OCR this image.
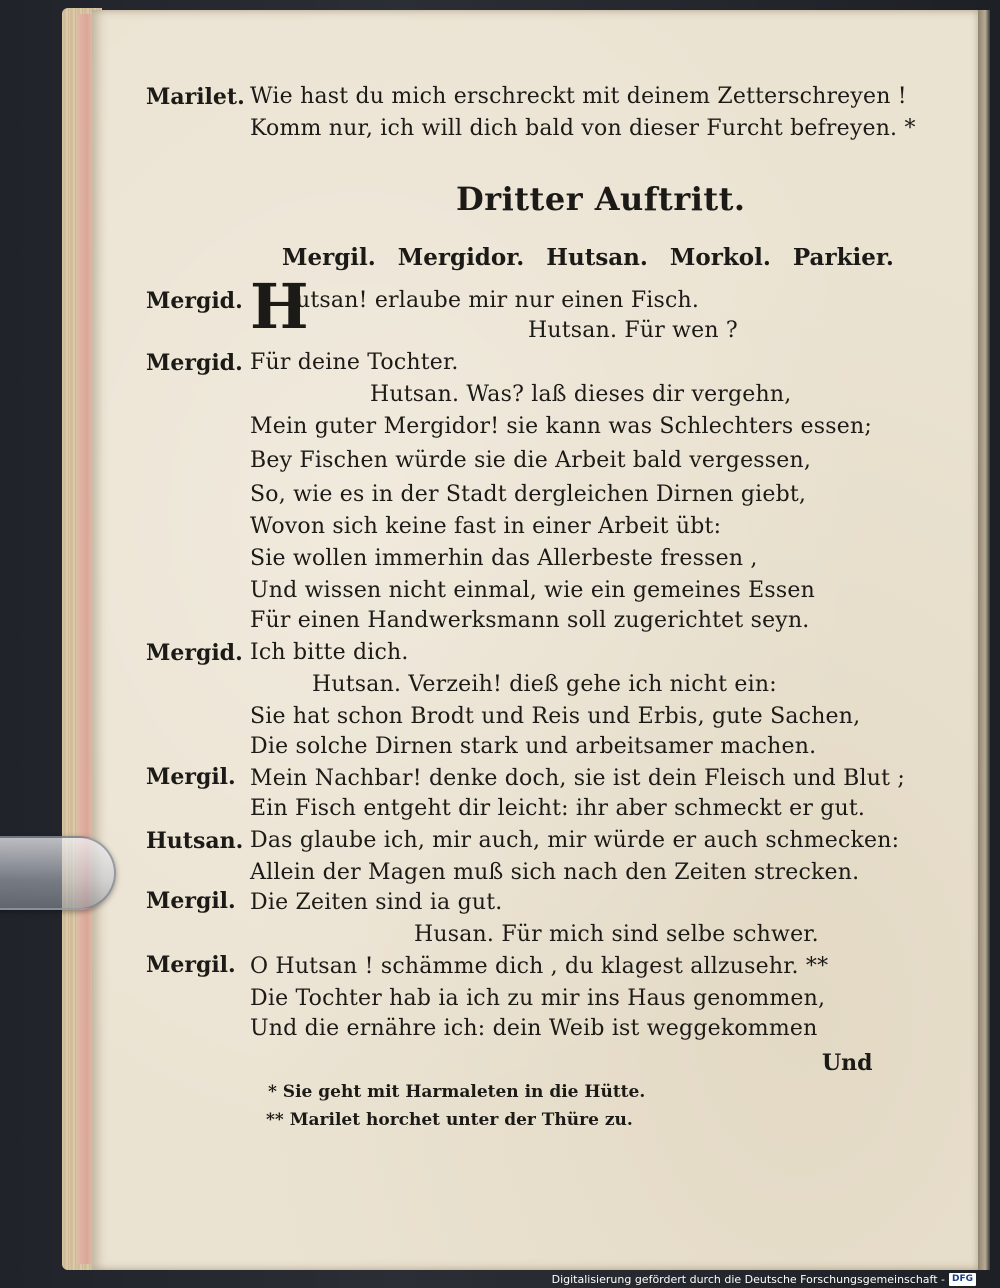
Marilet. Wie hast du mich erschreckt mit deinem Zetterschreyen !
Komm nur, ich will dich bald von dieser Furcht befreyen. *
Dritter Auftritt.
Mergil. Mergidor. Hutsan. Morkol. Parkier.
Mergid. H
utsan! erlaube mir nur einen Fisch.
Hutsan. Für wen ?
Mergid. Für deine Tochter.
Hutsan. Was? laß dieses dir vergehn,
Mein guter Mergidor! sie kann was Schlechters essen;
Bey Fischen würde sie die Arbeit bald vergessen,
So, wie es in der Stadt dergleichen Dirnen giebt,
Wovon sich keine fast in einer Arbeit übt:
Sie wollen immerhin das Allerbeste fressen ,
Und wissen nicht einmal, wie ein gemeines Essen
Für einen Handwerksmann soll zugerichtet seyn.
Mergid. Ich bitte dich.
Hutsan. Verzeih! dieß gehe ich nicht ein:
Sie hat schon Brodt und Reis und Erbis, gute Sachen,
Die solche Dirnen stark und arbeitsamer machen.
Mergil. Mein Nachbar! denke doch, sie ist dein Fleisch und Blut ;
Ein Fisch entgeht dir leicht: ihr aber schmeckt er gut.
Hutsan. Das glaube ich, mir auch, mir würde er auch schmecken:
Allein der Magen muß sich nach den Zeiten strecken.
Mergil. Die Zeiten sind ia gut.
Husan. Für mich sind selbe schwer.
Mergil. O Hutsan ! schämme dich , du klagest allzusehr. **
Die Tochter hab ia ich zu mir ins Haus genommen,
Und die ernähre ich: dein Weib ist weggekommen
Und
* Sie geht mit Harmaleten in die Hütte.
** Marilet horchet unter der Thüre zu.
Digitalisierung gefördert durch die Deutsche Forschungsgemeinschaft - DFG
